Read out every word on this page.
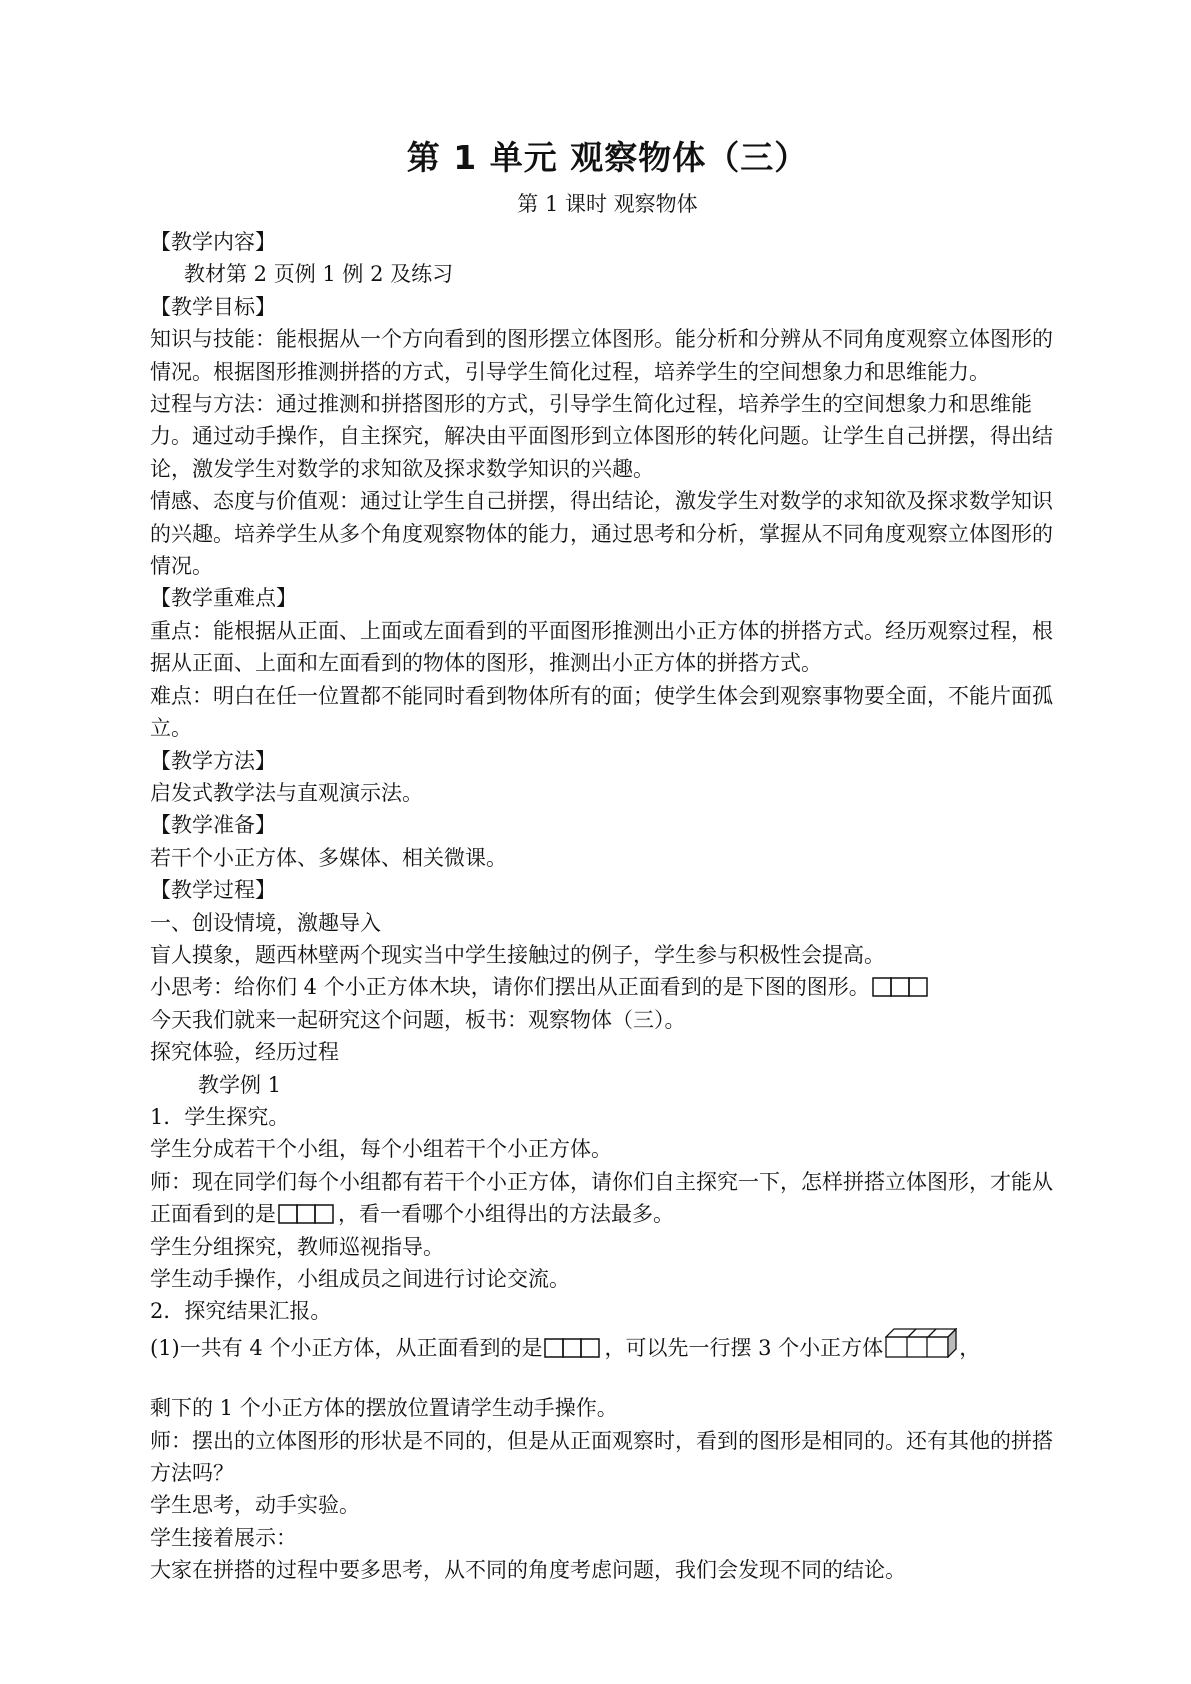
第 1 单元 观察物体（三）
第 1 课时 观察物体

【教学内容】

教材第 2 页例 1 例 2 及练习

【教学目标】

知识与技能：能根据从一个方向看到的图形摆立体图形。能分析和分辨从不同角度观察立体图形的情况。根据图形推测拼搭的方式，引导学生简化过程，培养学生的空间想象力和思维能力。

过程与方法：通过推测和拼搭图形的方式，引导学生简化过程，培养学生的空间想象力和思维能力。通过动手操作，自主探究，解决由平面图形到立体图形的转化问题。让学生自己拼摆，得出结论，激发学生对数学的求知欲及探求数学知识的兴趣。

情感、态度与价值观：通过让学生自己拼摆，得出结论，激发学生对数学的求知欲及探求数学知识的兴趣。培养学生从多个角度观察物体的能力，通过思考和分析，掌握从不同角度观察立体图形的情况。

【教学重难点】

重点：能根据从正面、上面或左面看到的平面图形推测出小正方体的拼搭方式。经历观察过程，根据从正面、上面和左面看到的物体的图形，推测出小正方体的拼搭方式。

难点：明白在任一位置都不能同时看到物体所有的面；使学生体会到观察事物要全面，不能片面孤立。

【教学方法】

启发式教学法与直观演示法。

【教学准备】

若干个小正方体、多媒体、相关微课。

【教学过程】

一、创设情境，激趣导入

盲人摸象，题西林壁两个现实当中学生接触过的例子，学生参与积极性会提高。

小思考：给你们 4 个小正方体木块，请你们摆出从正面看到的是下图的图形。

今天我们就来一起研究这个问题，板书：观察物体（三）。

探究体验，经历过程

教学例 1

1．学生探究。

学生分成若干个小组，每个小组若干个小正方体。

师：现在同学们每个小组都有若干个小正方体，请你们自主探究一下，怎样拼搭立体图形，才能从正面看到的是	，看一看哪个小组得出的方法最多。

学生分组探究，教师巡视指导。

学生动手操作，小组成员之间进行讨论交流。

2．探究结果汇报。

(1)一共有 4 个小正方体，从正面看到的是	，可以先一行摆 3 个小正方体	，

剩下的 1 个小正方体的摆放位置请学生动手操作。

师：摆出的立体图形的形状是不同的，但是从正面观察时，看到的图形是相同的。还有其他的拼搭方法吗？

学生思考，动手实验。

学生接着展示：

大家在拼搭的过程中要多思考，从不同的角度考虑问题，我们会发现不同的结论。
